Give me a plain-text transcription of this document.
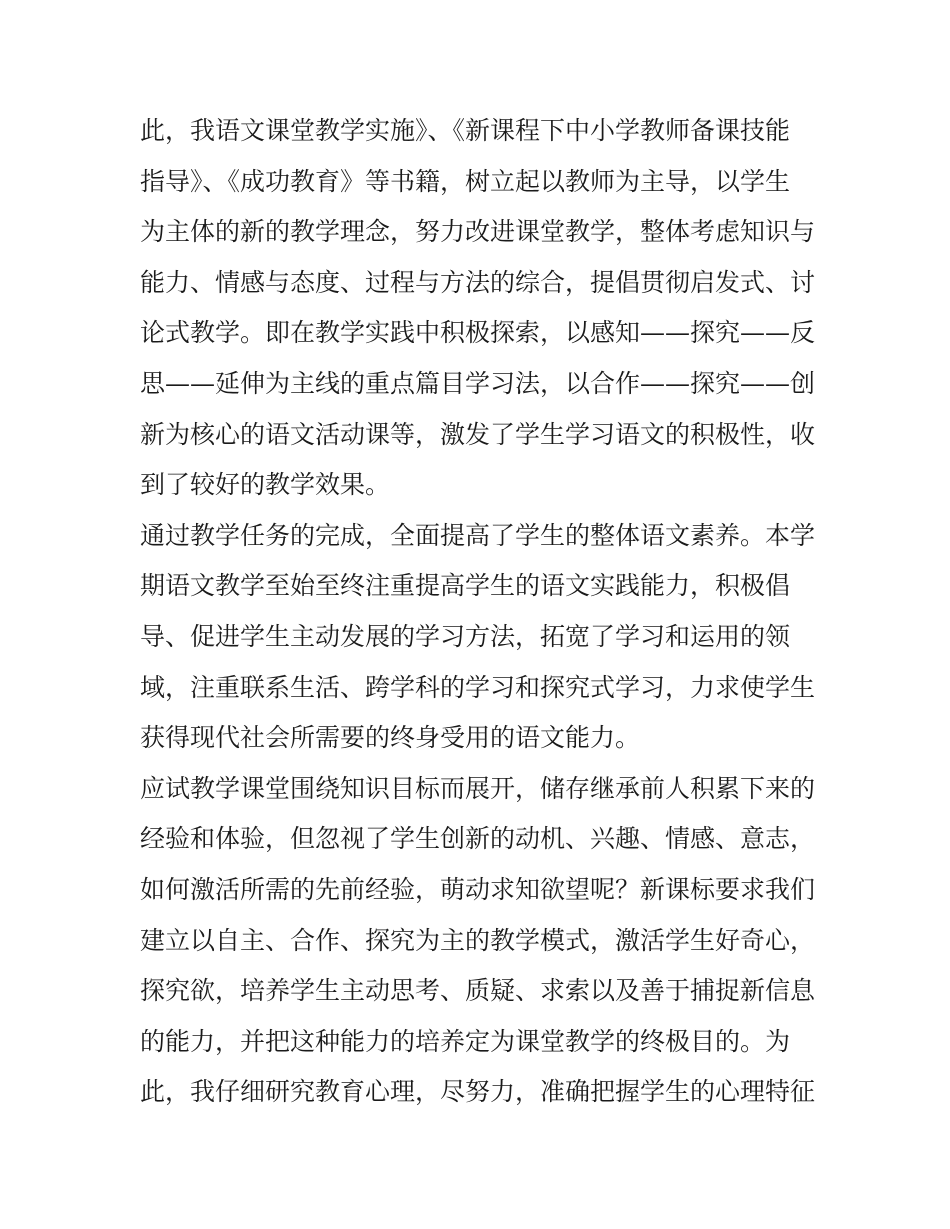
此，我语文课堂教学实施》、《新课程下中小学教师备课技能
指导》、《成功教育》等书籍，树立起以教师为主导，以学生
为主体的新的教学理念，努力改进课堂教学，整体考虑知识与
能力、情感与态度、过程与方法的综合，提倡贯彻启发式、讨
论式教学。即在教学实践中积极探索，以感知——探究——反
思——延伸为主线的重点篇目学习法，以合作——探究——创
新为核心的语文活动课等，激发了学生学习语文的积极性，收
到了较好的教学效果。
通过教学任务的完成，全面提高了学生的整体语文素养。本学
期语文教学至始至终注重提高学生的语文实践能力，积极倡
导、促进学生主动发展的学习方法，拓宽了学习和运用的领
域，注重联系生活、跨学科的学习和探究式学习，力求使学生
获得现代社会所需要的终身受用的语文能力。
应试教学课堂围绕知识目标而展开，储存继承前人积累下来的
经验和体验，但忽视了学生创新的动机、兴趣、情感、意志，
如何激活所需的先前经验，萌动求知欲望呢？新课标要求我们
建立以自主、合作、探究为主的教学模式，激活学生好奇心，
探究欲，培养学生主动思考、质疑、求索以及善于捕捉新信息
的能力，并把这种能力的培养定为课堂教学的终极目的。为
此，我仔细研究教育心理，尽努力，准确把握学生的心理特征
